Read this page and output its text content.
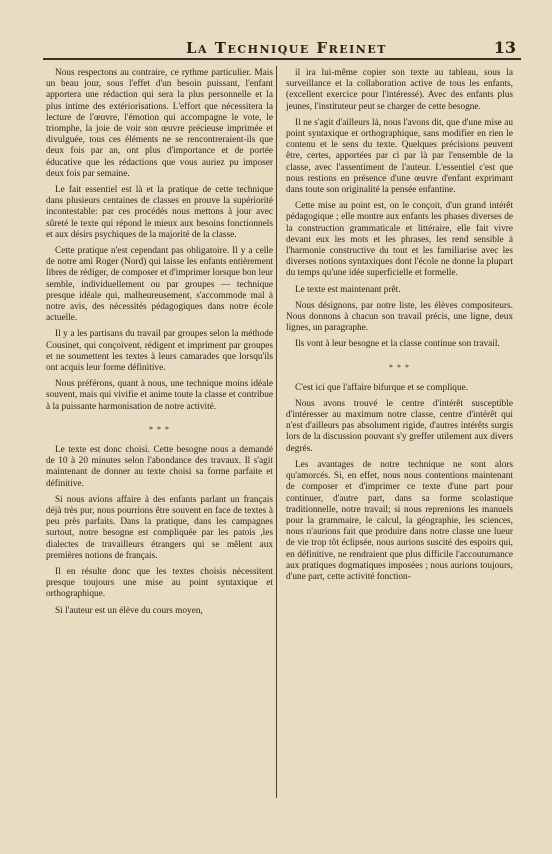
La Technique Freinet	13

Nous respectons au contraire, ce rythme particulier. Mais un beau jour, sous l'effet d'un besoin puissant, l'enfant apportera une rédaction qui sera la plus personnelle et la plus intime des extériorisations. L'effort que nécessitera la lecture de l'œuvre, l'émotion qui accompagne le vote, le triomphe, la joie de voir son œuvre précieuse imprimée et divulguée, tous ces éléments ne se rencontreraient-ils que deux fois par an, ont plus d'importance et de portée éducative que les rédactions que vous auriez pu imposer deux fois par semaine.

Le fait essentiel est là et la pratique de cette technique dans plusieurs centaines de classes en prouve la supériorité incontestable: par ces procédés nous mettons à jour avec sûreté le texte qui répond le mieux aux besoins fonctionnels et aux désirs psychiques de la majorité de la classe.

Cette pratique n'est cependant pas obligatoire. Il y a celle de notre ami Roger (Nord) qui laisse les enfants entièrement libres de rédiger, de composer et d'imprimer lorsque bon leur semble, individuellement ou par groupes — technique presque idéale qui, malheureusement, s'accommode mal à notre avis, des nécessités pédagogiques dans notre école actuelle.

Il y a les partisans du travail par groupes selon la méthode Cousinet, qui conçoivent, rédigent et impriment par groupes et ne soumettent les textes à leurs camarades que lorsqu'ils ont acquis leur forme définitive.

Nous préférons, quant à nous, une technique moins idéale souvent, mais qui vivifie et anime toute la classe et contribue à la puissante harmonisation de notre activité.

* * *

Le texte est donc choisi. Cette besogne nous a demandé de 10 à 20 minutes selon l'abondance des travaux. Il s'agit maintenant de donner au texte choisi sa forme parfaite et définitive.

Si nous avions affaire à des enfants parlant un français déjà très pur, nous pourrions être souvent en face de textes à peu près parfaits. Dans la pratique, dans les campagnes surtout, notre besogne est compliquée par les patois ,les dialectes de travailleurs étrangers qui se mêlent aux premières notions de français.

Il en résulte donc que les textes choisis nécessitent presque toujours une mise au point syntaxique et orthographique.

Si l'auteur est un élève du cours moyen,

il ira lui-même copier son texte au tableau, sous la surveillance et la collaboration active de tous les enfants, (excellent exercice pour l'intéressé). Avec des enfants plus jeunes, l'instituteur peut se charger de cette besogne.

Il ne s'agit d'ailleurs là, nous l'avons dit, que d'une mise au point syntaxique et orthographique, sans modifier en rien le contenu et le sens du texte. Quelques précisions peuvent être, certes, apportées par ci par là par l'ensemble de la classe, avec l'assentiment de l'auteur. L'essentiel c'est que nous restions en présence d'une œuvre d'enfant exprimant dans toute son originalité la pensée enfantine.

Cette mise au point est, on le conçoit, d'un grand intérêt pédagogique ; elle montre aux enfants les phases diverses de la construction grammaticale et littéraire, elle fait vivre devant eux les mots et les phrases, les rend sensible à l'harmonie constructive du tout et les familiarise avec les diverses notions syntaxiques dont l'école ne donne la plupart du temps qu'une idée superficielle et formelle.

Le texte est maintenant prêt.

Nous désignons, par notre liste, les élèves compositeurs. Nous donnons à chacun son travail précis, une ligne, deux lignes, un paragraphe.

Ils vont à leur besogne et la classe continue son travail.

* * *

C'est ici que l'affaire bifurque et se complique.

Nous avons trouvé le centre d'intérêt susceptible d'intéresser au maximum notre classe, centre d'intérêt qui n'est d'ailleurs pas absolument rigide, d'autres intérêts surgis lors de la discussion pouvant s'y greffer utilement aux divers degrés.

Les avantages de notre technique ne sont alors qu'amorcés. Si, en effet, nous nous contentions maintenant de composer et d'imprimer ce texte d'une part pour continuer, d'autre part, dans sa forme scolastique traditionnelle, notre travail; si nous reprenions les manuels pour la grammaire, le calcul, la géographie, les sciences, nous n'aurions fait que produire dans notre classe une lueur de vie trop tôt éclipsée, nous aurions suscité des espoirs qui, en définitive, ne rendraient que plus difficile l'accoutumance aux pratiques dogmatiques imposées ; nous aurions toujours, d'une part, cette activité fonction-
